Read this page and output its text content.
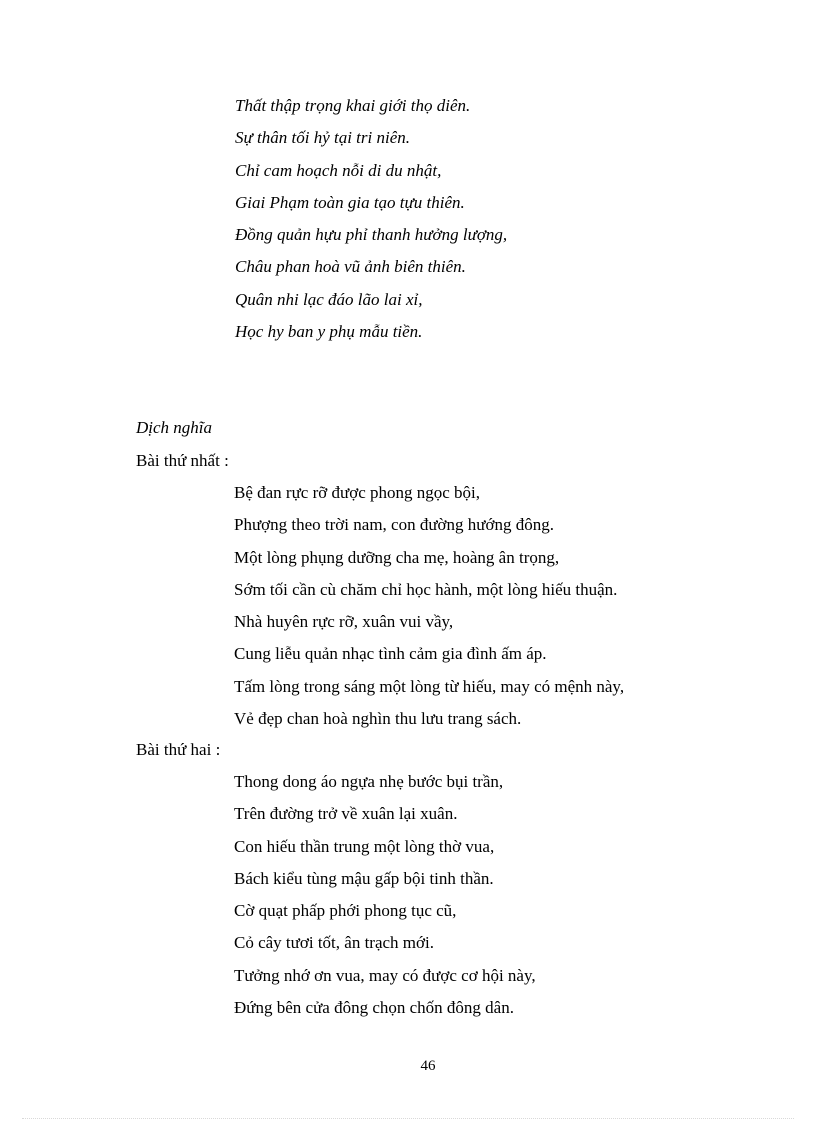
Thất thập trọng khai giới thọ diên.
Sự thân tối hỷ tại tri niên.
Chỉ cam hoạch nỗi di du nhật,
Giai Phạm toàn gia tạo tựu thiên.
Đồng quản hựu phỉ thanh hưởng lượng,
Châu phan hoà vũ ảnh biên thiên.
Quân nhi lạc đáo lão lai xỉ,
Học hy ban y phụ mẫu tiền.
Dịch nghĩa
Bài thứ nhất :
Bệ đan rực rỡ được phong ngọc bội,
Phượng theo trời nam, con đường hướng đông.
Một lòng phụng dưỡng cha mẹ, hoàng ân trọng,
Sớm tối cần cù chăm chỉ học hành, một lòng hiếu thuận.
Nhà huyên rực rỡ, xuân vui vầy,
Cung liễu quản nhạc tình cảm gia đình ấm áp.
Tấm lòng trong sáng một lòng từ hiếu, may có mệnh này,
Vẻ đẹp chan hoà nghìn thu lưu trang sách.
Bài thứ hai :
Thong dong áo ngựa nhẹ bước bụi trần,
Trên đường trở về xuân lại xuân.
Con hiếu thần trung một lòng thờ vua,
Bách kiểu tùng mậu gấp bội tinh thần.
Cờ quạt phấp phới phong tục cũ,
Cỏ cây tươi tốt, ân trạch mới.
Tưởng nhớ ơn vua, may có được cơ hội này,
Đứng bên cửa đông chọn chốn đông dân.
46
